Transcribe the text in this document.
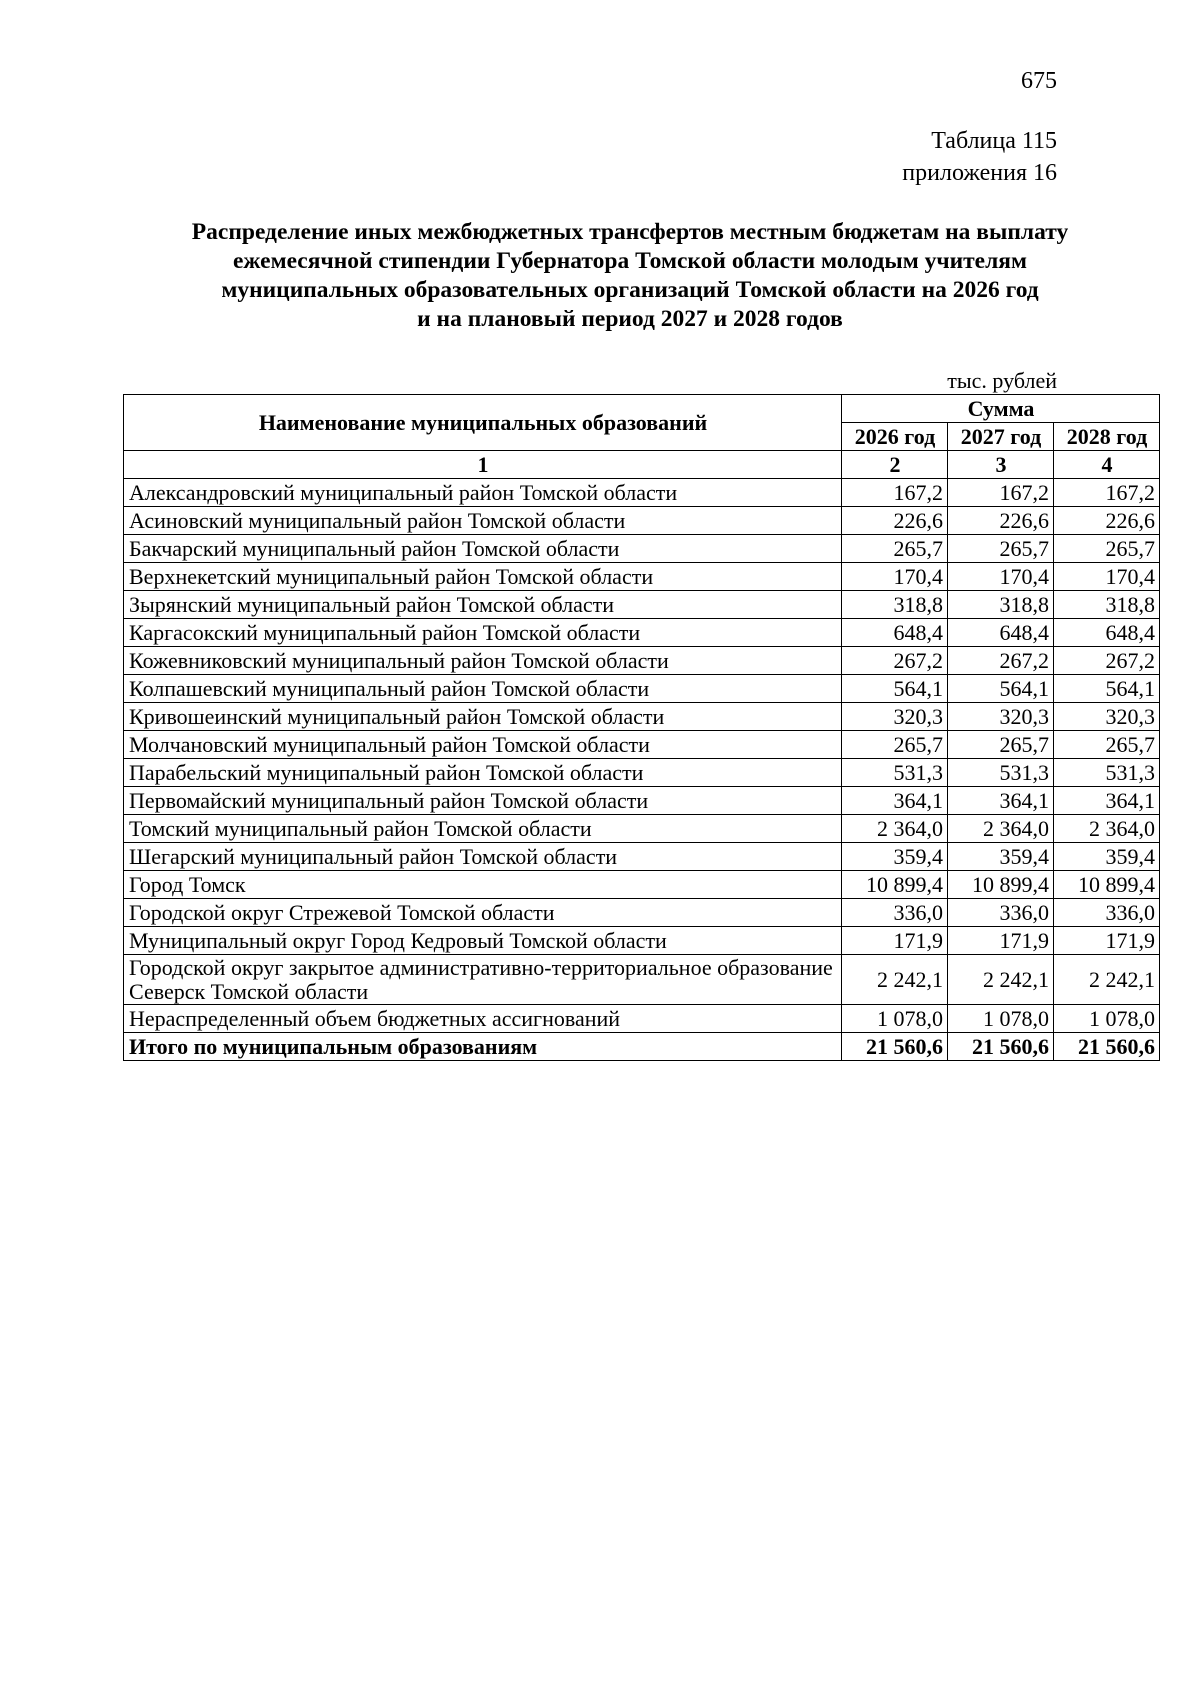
675
Таблица 115
приложения 16
Распределение иных межбюджетных трансфертов местным бюджетам на выплату
ежемесячной стипендии Губернатора Томской области молодым учителям
муниципальных образовательных организаций Томской области на 2026 год
и на плановый период 2027 и 2028 годов
тыс. рублей
Наименование муниципальных образований	Сумма		
	2026 год	2027 год	2028 год
1	2	3	4
Александровский муниципальный район Томской области	167,2	167,2	167,2
Асиновский муниципальный район Томской области	226,6	226,6	226,6
Бакчарский муниципальный район Томской области	265,7	265,7	265,7
Верхнекетский муниципальный район Томской области	170,4	170,4	170,4
Зырянский муниципальный район Томской области	318,8	318,8	318,8
Каргасокский муниципальный район Томской области	648,4	648,4	648,4
Кожевниковский муниципальный район Томской области	267,2	267,2	267,2
Колпашевский муниципальный район Томской области	564,1	564,1	564,1
Кривошеинский муниципальный район Томской области	320,3	320,3	320,3
Молчановский муниципальный район Томской области	265,7	265,7	265,7
Парабельский муниципальный район Томской области	531,3	531,3	531,3
Первомайский муниципальный район Томской области	364,1	364,1	364,1
Томский муниципальный район Томской области	2 364,0	2 364,0	2 364,0
Шегарский муниципальный район Томской области	359,4	359,4	359,4
Город Томск	10 899,4	10 899,4	10 899,4
Городской округ Стрежевой Томской области	336,0	336,0	336,0
Муниципальный округ Город Кедровый Томской области	171,9	171,9	171,9
Городской округ закрытое административно-территориальное образование Северск Томской области	2 242,1	2 242,1	2 242,1
Нераспределенный объем бюджетных ассигнований	1 078,0	1 078,0	1 078,0
Итого по муниципальным образованиям	21 560,6	21 560,6	21 560,6
